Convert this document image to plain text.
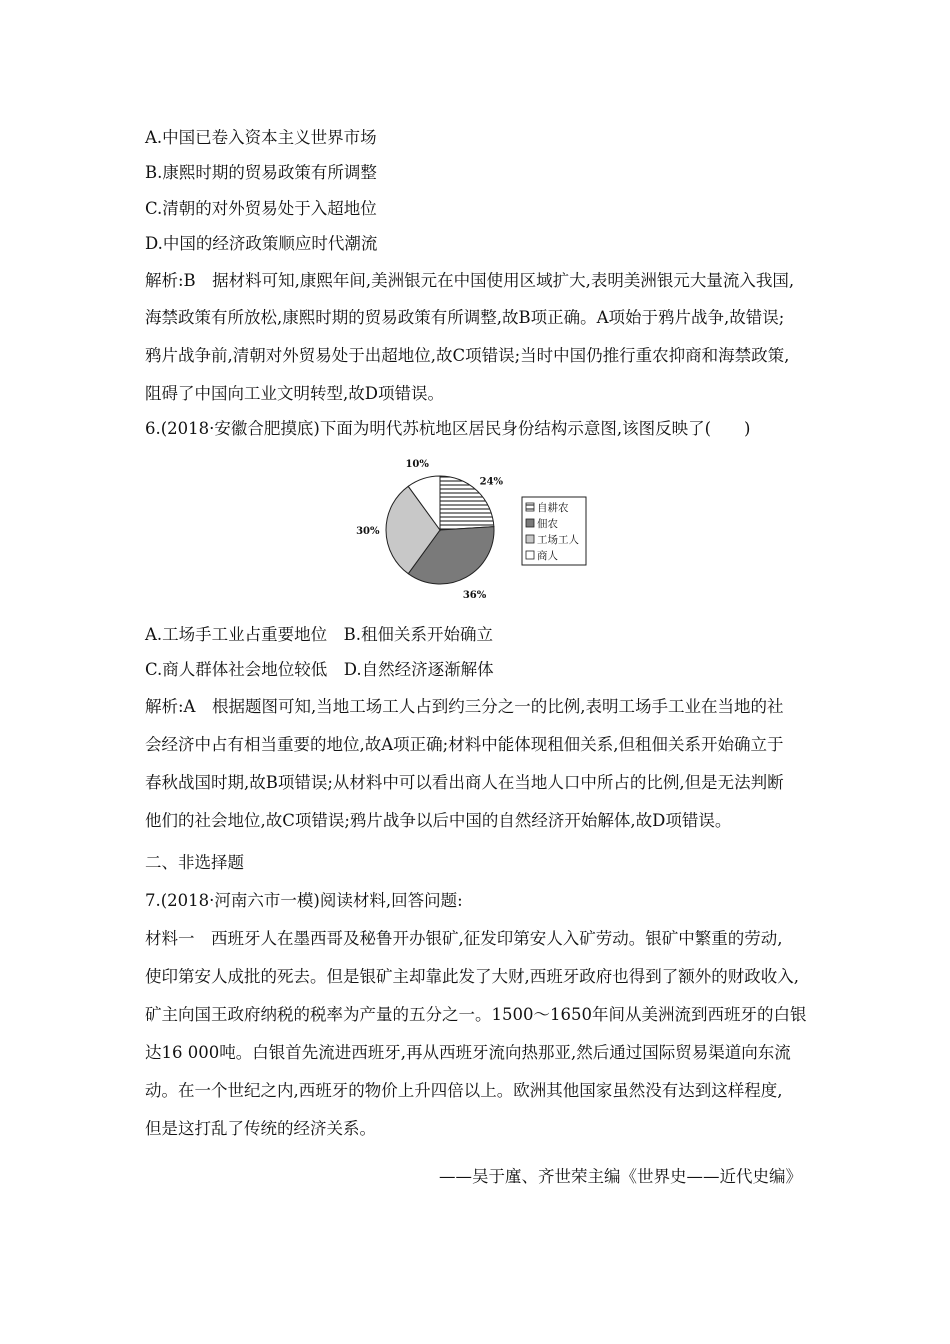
A.中国已卷入资本主义世界市场
B.康熙时期的贸易政策有所调整
C.清朝的对外贸易处于入超地位
D.中国的经济政策顺应时代潮流
解析:B　据材料可知,康熙年间,美洲银元在中国使用区域扩大,表明美洲银元大量流入我国,
海禁政策有所放松,康熙时期的贸易政策有所调整,故B项正确。A项始于鸦片战争,故错误;
鸦片战争前,清朝对外贸易处于出超地位,故C项错误;当时中国仍推行重农抑商和海禁政策,
阻碍了中国向工业文明转型,故D项错误。
6.(2018·安徽合肥摸底)下面为明代苏杭地区居民身份结构示意图,该图反映了(　　)
24%
36%
30%
10%
自耕农
佃农
工场工人
商人
A.工场手工业占重要地位　B.租佃关系开始确立
C.商人群体社会地位较低　D.自然经济逐渐解体
解析:A　根据题图可知,当地工场工人占到约三分之一的比例,表明工场手工业在当地的社
会经济中占有相当重要的地位,故A项正确;材料中能体现租佃关系,但租佃关系开始确立于
春秋战国时期,故B项错误;从材料中可以看出商人在当地人口中所占的比例,但是无法判断
他们的社会地位,故C项错误;鸦片战争以后中国的自然经济开始解体,故D项错误。
二、非选择题
7.(2018·河南六市一模)阅读材料,回答问题:
材料一　西班牙人在墨西哥及秘鲁开办银矿,征发印第安人入矿劳动。银矿中繁重的劳动,
使印第安人成批的死去。但是银矿主却靠此发了大财,西班牙政府也得到了额外的财政收入,
矿主向国王政府纳税的税率为产量的五分之一。1500～1650年间从美洲流到西班牙的白银
达16 000吨。白银首先流进西班牙,再从西班牙流向热那亚,然后通过国际贸易渠道向东流
动。在一个世纪之内,西班牙的物价上升四倍以上。欧洲其他国家虽然没有达到这样程度,
但是这打乱了传统的经济关系。
——吴于廑、齐世荣主编《世界史——近代史编》
